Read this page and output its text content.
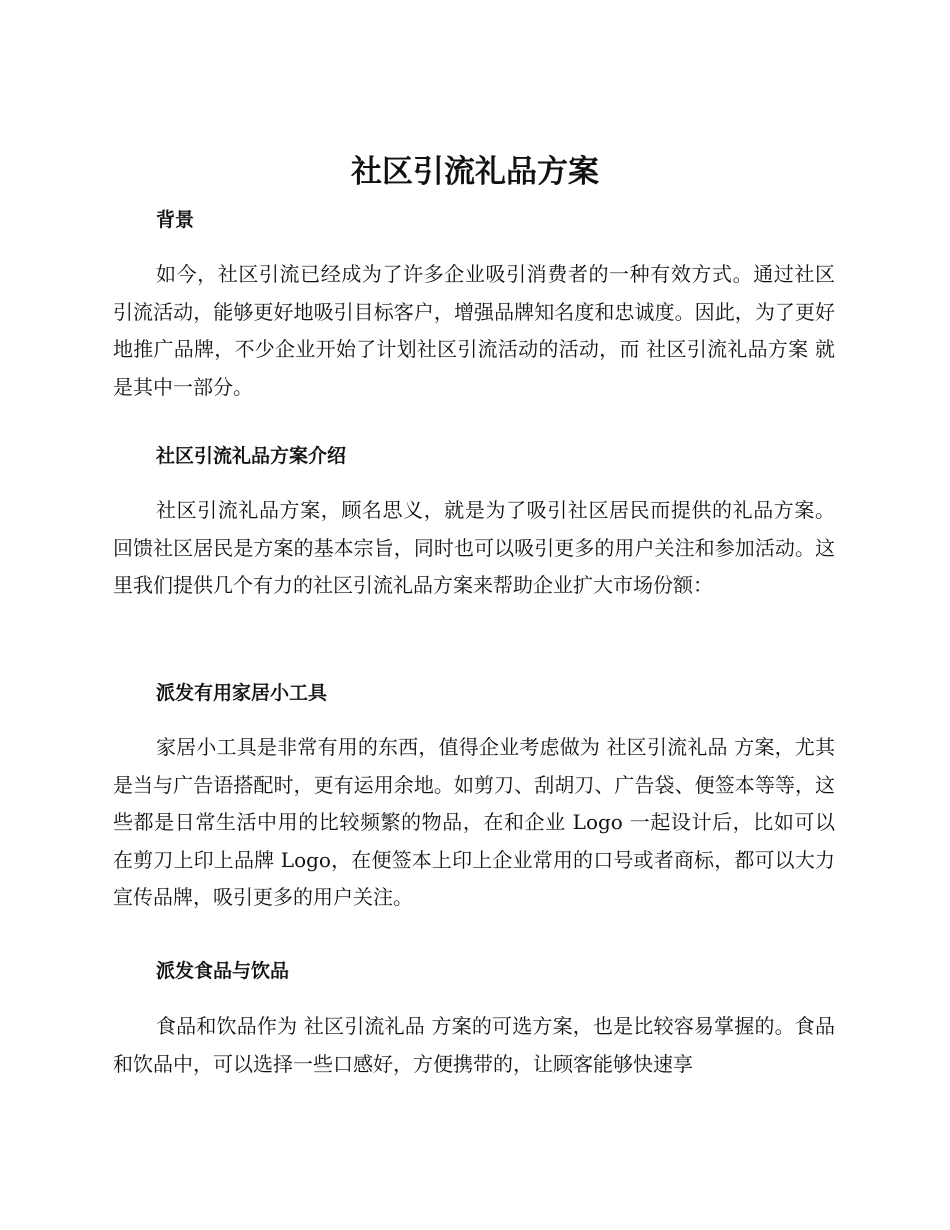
社区引流礼品方案
背景

如今，社区引流已经成为了许多企业吸引消费者的一种有效方式。通过社区引流活动，能够更好地吸引目标客户，增强品牌知名度和忠诚度。因此，为了更好地推广品牌，不少企业开始了计划社区引流活动的活动，而 社区引流礼品方案 就是其中一部分。

社区引流礼品方案介绍

社区引流礼品方案，顾名思义，就是为了吸引社区居民而提供的礼品方案。回馈社区居民是方案的基本宗旨，同时也可以吸引更多的用户关注和参加活动。这里我们提供几个有力的社区引流礼品方案来帮助企业扩大市场份额：

派发有用家居小工具

家居小工具是非常有用的东西，值得企业考虑做为 社区引流礼品 方案，尤其是当与广告语搭配时，更有运用余地。如剪刀、刮胡刀、广告袋、便签本等等，这些都是日常生活中用的比较频繁的物品，在和企业 Logo 一起设计后，比如可以在剪刀上印上品牌 Logo，在便签本上印上企业常用的口号或者商标，都可以大力宣传品牌，吸引更多的用户关注。

派发食品与饮品

食品和饮品作为 社区引流礼品 方案的可选方案，也是比较容易掌握的。食品和饮品中，可以选择一些口感好，方便携带的，让顾客能够快速享
